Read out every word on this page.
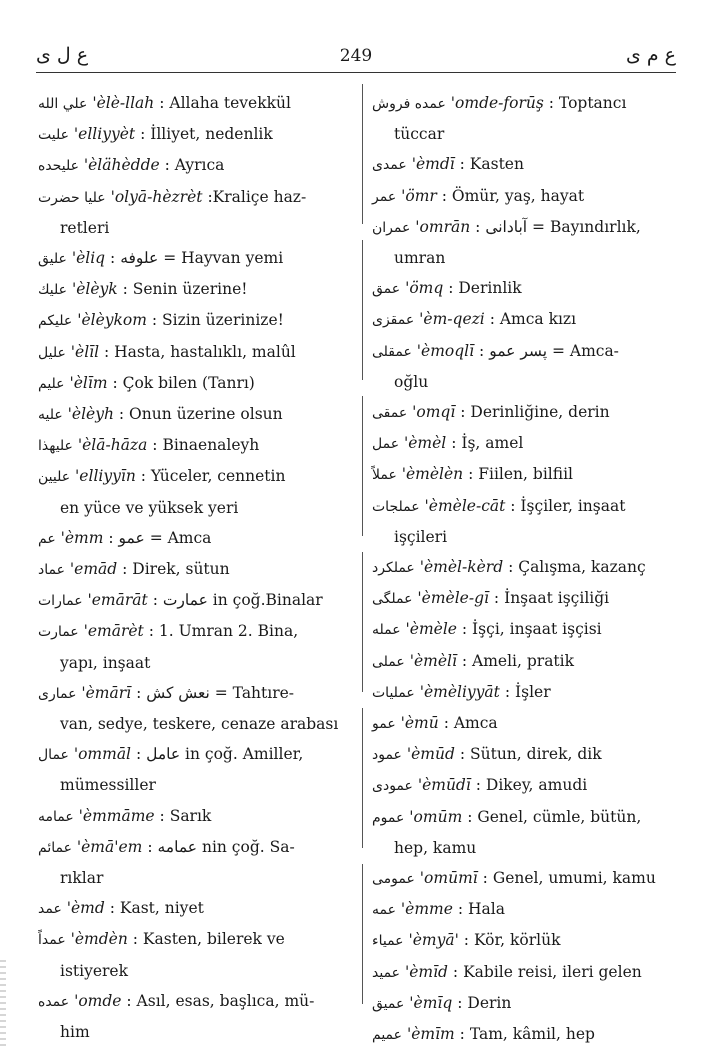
ع ل ى	249	ع م ى
علي الله 'èlè-llah : Allaha tevekkül
عليت 'elliyyèt : İlliyet, nedenlik
عليحده 'èlähèdde : Ayrıca
عليا حضرت 'olyā-hèzrèt :Kraliçe haz-
retleri
عليق 'èliq : علوفه = Hayvan yemi
عليك 'èlèyk : Senin üzerine!
عليكم 'èlèykom : Sizin üzerinize!
عليل 'èlīl : Hasta, hastalıklı, malûl
عليم 'èlīm : Çok bilen (Tanrı)
عليه 'èlèyh : Onun üzerine olsun
عليهذا 'èlā-hāza : Binaenaleyh
عليين 'elliyyīn : Yüceler, cennetin
en yüce ve yüksek yeri
عم 'èmm : عمو = Amca
عماد 'emād : Direk, sütun
عمارات 'emārāt : عمارت in çoğ.Binalar
عمارت 'emārèt : 1. Umran 2. Bina,
yapı, inşaat
عماری 'èmārī : نعش كش = Tahtıre-
van, sedye, teskere, cenaze arabası
عمال 'ommāl : عامل in çoğ. Amiller,
mümessiller
عمامه 'èmmāme : Sarık
عمائم 'èmā'em : عمامه nin çoğ. Sa-
rıklar
عمد 'èmd : Kast, niyet
عمداً 'èmdèn : Kasten, bilerek ve
istiyerek
عمده 'omde : Asıl, esas, başlıca, mü-
him
عمده فروش 'omde-forūş : Toptancı
tüccar
عمدی 'èmdī : Kasten
عمر 'ömr : Ömür, yaş, hayat
عمران 'omrān : آبادانی = Bayındırlık,
umran
عمق 'ömq : Derinlik
عمقزی 'èm-qezi : Amca kızı
عمقلی 'èmoqlī : پسر عمو = Amca-
oğlu
عمقی 'omqī : Derinliğine, derin
عمل 'èmèl : İş, amel
عملاً 'èmèlèn : Fiilen, bilfiil
عملجات 'èmèle-cāt : İşçiler, inşaat
işçileri
عملكرد 'èmèl-kèrd : Çalışma, kazanç
عملگی 'èmèle-gī : İnşaat işçiliği
عمله 'èmèle : İşçi, inşaat işçisi
عملی 'èmèlī : Ameli, pratik
عمليات 'èmèliyyāt : İşler
عمو 'èmū : Amca
عمود 'èmūd : Sütun, direk, dik
عمودی 'èmūdī : Dikey, amudi
عموم 'omūm : Genel, cümle, bütün,
hep, kamu
عمومی 'omūmī : Genel, umumi, kamu
عمه 'èmme : Hala
عمياء 'èmyā' : Kör, körlük
عميد 'èmīd : Kabile reisi, ileri gelen
عميق 'èmīq : Derin
عميم 'èmīm : Tam, kâmil, hep
